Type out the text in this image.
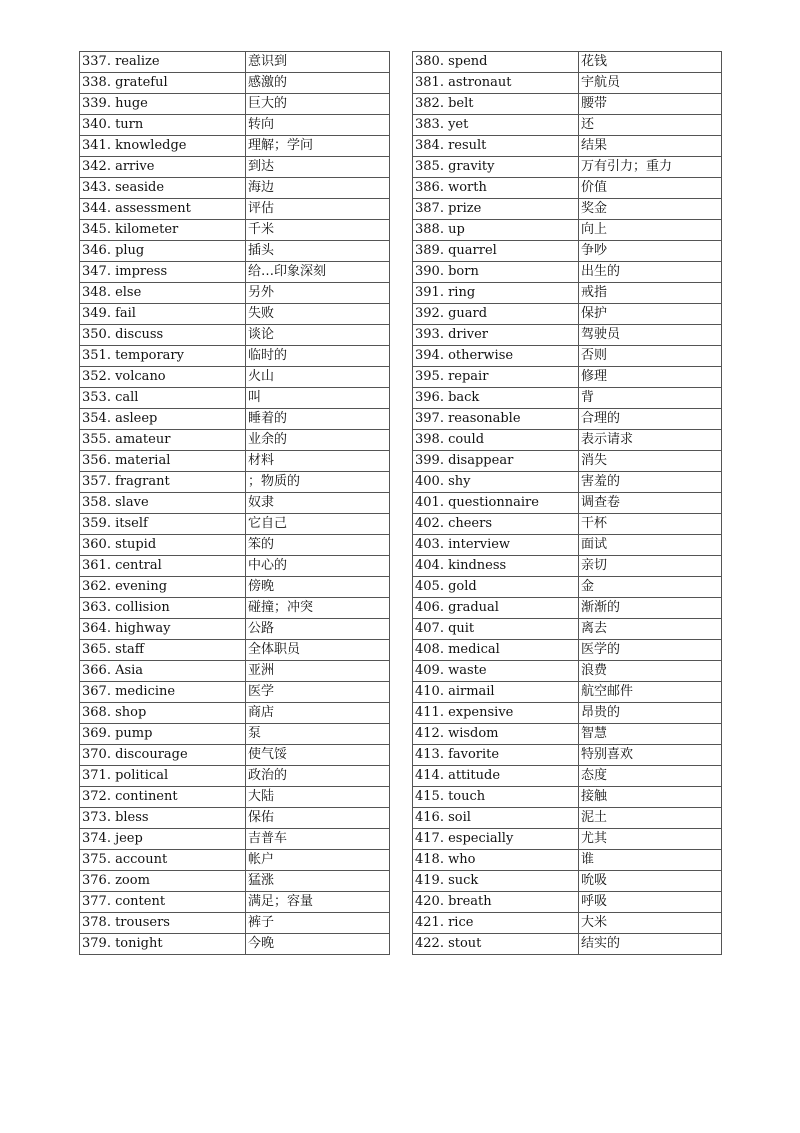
337. realize	意识到
338. grateful	感激的
339. huge	巨大的
340. turn	转向
341. knowledge	理解；学问
342. arrive	到达
343. seaside	海边
344. assessment	评估
345. kilometer	千米
346. plug	插头
347. impress	给…印象深刻
348. else	另外
349. fail	失败
350. discuss	谈论
351. temporary	临时的
352. volcano	火山
353. call	叫
354. asleep	睡着的
355. amateur	业余的
356. material	材料
357. fragrant	；物质的
358. slave	奴隶
359. itself	它自己
360. stupid	笨的
361. central	中心的
362. evening	傍晚
363. collision	碰撞；冲突
364. highway	公路
365. staff	全体职员
366. Asia	亚洲
367. medicine	医学
368. shop	商店
369. pump	泵
370. discourage	使气馁
371. political	政治的
372. continent	大陆
373. bless	保佑
374. jeep	吉普车
375. account	帐户
376. zoom	猛涨
377. content	满足；容量
378. trousers	裤子
379. tonight	今晚
380. spend	花钱
381. astronaut	宇航员
382. belt	腰带
383. yet	还
384. result	结果
385. gravity	万有引力；重力
386. worth	价值
387. prize	奖金
388. up	向上
389. quarrel	争吵
390. born	出生的
391. ring	戒指
392. guard	保护
393. driver	驾驶员
394. otherwise	否则
395. repair	修理
396. back	背
397. reasonable	合理的
398. could	表示请求
399. disappear	消失
400. shy	害羞的
401. questionnaire	调查卷
402. cheers	干杯
403. interview	面试
404. kindness	亲切
405. gold	金
406. gradual	渐渐的
407. quit	离去
408. medical	医学的
409. waste	浪费
410. airmail	航空邮件
411. expensive	昂贵的
412. wisdom	智慧
413. favorite	特别喜欢
414. attitude	态度
415. touch	接触
416. soil	泥土
417. especially	尤其
418. who	谁
419. suck	吮吸
420. breath	呼吸
421. rice	大米
422. stout	结实的
